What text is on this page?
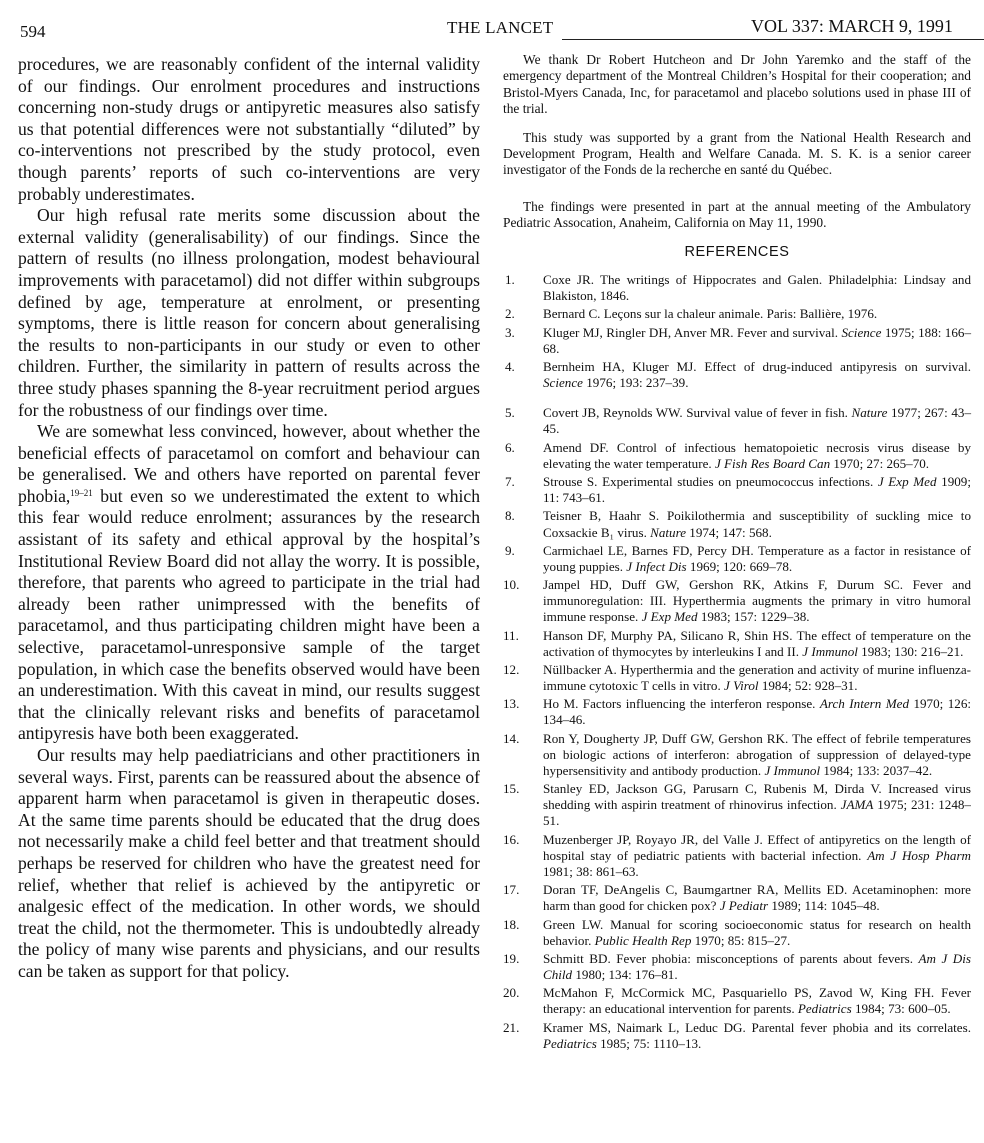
594	THE LANCET	VOL 337: MARCH 9, 1991

procedures, we are reasonably confident of the internal validity of our findings. Our enrolment procedures and instructions concerning non-study drugs or antipyretic measures also satisfy us that potential differences were not substantially “diluted” by co-interventions not prescribed by the study protocol, even though parents’ reports of such co-interventions are very probably underestimates.

Our high refusal rate merits some discussion about the external validity (generalisability) of our findings. Since the pattern of results (no illness prolongation, modest behavioural improvements with paracetamol) did not differ within subgroups defined by age, temperature at enrolment, or presenting symptoms, there is little reason for concern about generalising the results to non-participants in our study or even to other children. Further, the similarity in pattern of results across the three study phases spanning the 8-year recruitment period argues for the robustness of our findings over time.

We are somewhat less convinced, however, about whether the beneficial effects of paracetamol on comfort and behaviour can be generalised. We and others have reported on parental fever phobia,$^{19-21}$ but even so we underestimated the extent to which this fear would reduce enrolment; assurances by the research assistant of its safety and ethical approval by the hospital’s Institutional Review Board did not allay the worry. It is possible, therefore, that parents who agreed to participate in the trial had already been rather unimpressed with the benefits of paracetamol, and thus participating children might have been a selective, paracetamol-unresponsive sample of the target population, in which case the benefits observed would have been an underestimation. With this caveat in mind, our results suggest that the clinically relevant risks and benefits of paracetamol antipyresis have both been exaggerated.

Our results may help paediatricians and other practitioners in several ways. First, parents can be reassured about the absence of apparent harm when paracetamol is given in therapeutic doses. At the same time parents should be educated that the drug does not necessarily make a child feel better and that treatment should perhaps be reserved for children who have the greatest need for relief, whether that relief is achieved by the antipyretic or analgesic effect of the medication. In other words, we should treat the child, not the thermometer. This is undoubtedly already the policy of many wise parents and physicians, and our results can be taken as support for that policy.

We thank Dr Robert Hutcheon and Dr John Yaremko and the staff of the emergency department of the Montreal Children’s Hospital for their cooperation; and Bristol-Myers Canada, Inc, for paracetamol and placebo solutions used in phase III of the trial.

This study was supported by a grant from the National Health Research and Development Program, Health and Welfare Canada. M. S. K. is a senior career investigator of the Fonds de la recherche en santé du Québec.

The findings were presented in part at the annual meeting of the Ambulatory Pediatric Assocation, Anaheim, California on May 11, 1990.

REFERENCES
1. Coxe JR. The writings of Hippocrates and Galen. Philadelphia: Lindsay and Blakiston, 1846.
2. Bernard C. Leçons sur la chaleur animale. Paris: Ballière, 1976.
3. Kluger MJ, Ringler DH, Anver MR. Fever and survival. Science 1975; 188: 166–68.
4. Bernheim HA, Kluger MJ. Effect of drug-induced antipyresis on survival. Science 1976; 193: 237–39.
5. Covert JB, Reynolds WW. Survival value of fever in fish. Nature 1977; 267: 43–45.
6. Amend DF. Control of infectious hematopoietic necrosis virus disease by elevating the water temperature. J Fish Res Board Can 1970; 27: 265–70.
7. Strouse S. Experimental studies on pneumococcus infections. J Exp Med 1909; 11: 743–61.
8. Teisner B, Haahr S. Poikilothermia and susceptibility of suckling mice to Coxsackie B₁ virus. Nature 1974; 147: 568.
9. Carmichael LE, Barnes FD, Percy DH. Temperature as a factor in resistance of young puppies. J Infect Dis 1969; 120: 669–78.
10. Jampel HD, Duff GW, Gershon RK, Atkins F, Durum SC. Fever and immunoregulation: III. Hyperthermia augments the primary in vitro humoral immune response. J Exp Med 1983; 157: 1229–38.
11. Hanson DF, Murphy PA, Silicano R, Shin HS. The effect of temperature on the activation of thymocytes by interleukins I and II. J Immunol 1983; 130: 216–21.
12. Nüllbacker A. Hyperthermia and the generation and activity of murine influenza-immune cytotoxic T cells in vitro. J Virol 1984; 52: 928–31.
13. Ho M. Factors influencing the interferon response. Arch Intern Med 1970; 126: 134–46.
14. Ron Y, Dougherty JP, Duff GW, Gershon RK. The effect of febrile temperatures on biologic actions of interferon: abrogation of suppression of delayed-type hypersensitivity and antibody production. J Immunol 1984; 133: 2037–42.
15. Stanley ED, Jackson GG, Parusarn C, Rubenis M, Dirda V. Increased virus shedding with aspirin treatment of rhinovirus infection. JAMA 1975; 231: 1248–51.
16. Muzenberger JP, Royayo JR, del Valle J. Effect of antipyretics on the length of hospital stay of pediatric patients with bacterial infection. Am J Hosp Pharm 1981; 38: 861–63.
17. Doran TF, DeAngelis C, Baumgartner RA, Mellits ED. Acetaminophen: more harm than good for chicken pox? J Pediatr 1989; 114: 1045–48.
18. Green LW. Manual for scoring socioeconomic status for research on health behavior. Public Health Rep 1970; 85: 815–27.
19. Schmitt BD. Fever phobia: misconceptions of parents about fevers. Am J Dis Child 1980; 134: 176–81.
20. McMahon F, McCormick MC, Pasquariello PS, Zavod W, King FH. Fever therapy: an educational intervention for parents. Pediatrics 1984; 73: 600–05.
21. Kramer MS, Naimark L, Leduc DG. Parental fever phobia and its correlates. Pediatrics 1985; 75: 1110–13.
